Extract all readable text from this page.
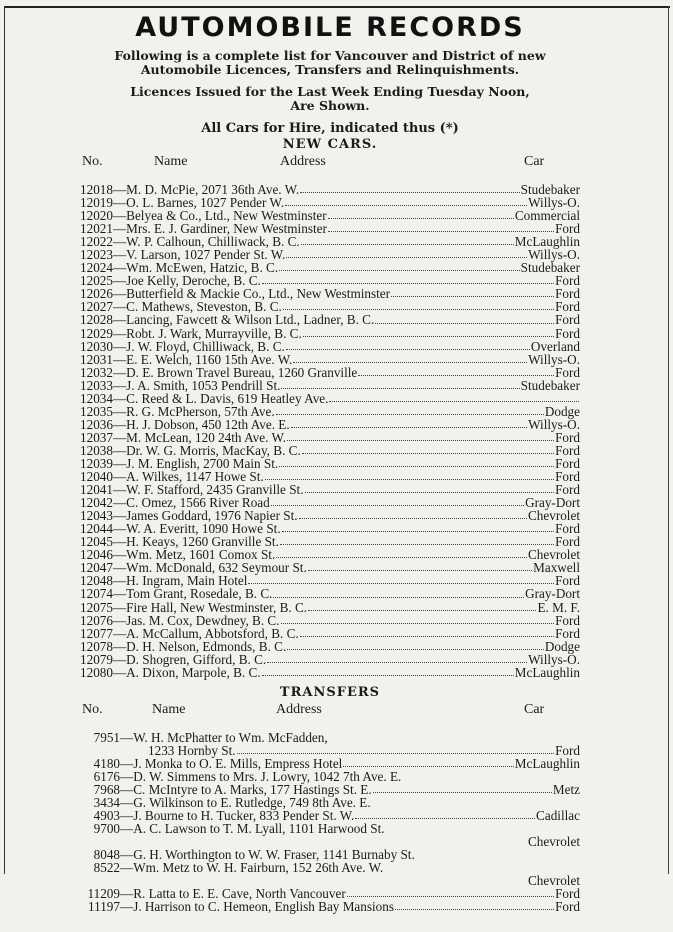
AUTOMOBILE RECORDS

Following is a complete list for Vancouver and District of new

Automobile Licences, Transfers and Relinquishments.

Licences Issued for the Last Week Ending Tuesday Noon,

Are Shown.

All Cars for Hire, indicated thus (*)
NEW CARS.
No.	Name	Address	Car
12018—M. D. McPie, 2071 36th Ave. W.	Studebaker
12019—O. L. Barnes, 1027 Pender W.	Willys-O.
12020—Belyea & Co., Ltd., New Westminster	Commercial
12021—Mrs. E. J. Gardiner, New Westminster	Ford
12022—W. P. Calhoun, Chilliwack, B. C.	McLaughlin
12023—V. Larson, 1027 Pender St. W.	Willys-O.
12024—Wm. McEwen, Hatzic, B. C.	Studebaker
12025—Joe Kelly, Deroche, B. C.	Ford
12026—Butterfield & Mackie Co., Ltd., New Westminster	Ford
12027—C. Mathews, Steveston, B. C.	Ford
12028—Lancing, Fawcett & Wilson Ltd., Ladner, B. C.	Ford
12029—Robt. J. Wark, Murrayville, B. C.	Ford
12030—J. W. Floyd, Chilliwack, B. C.	Overland
12031—E. E. Welch, 1160 15th Ave. W.	Willys-O.
12032—D. E. Brown Travel Bureau, 1260 Granville	Ford
12033—J. A. Smith, 1053 Pendrill St.	Studebaker
12034—C. Reed & L. Davis, 619 Heatley Ave.
12035—R. G. McPherson, 57th Ave.	Dodge
12036—H. J. Dobson, 450 12th Ave. E.	Willys-O.
12037—M. McLean, 120 24th Ave. W.	Ford
12038—Dr. W. G. Morris, MacKay, B. C.	Ford
12039—J. M. English, 2700 Main St.	Ford
12040—A. Wilkes, 1147 Howe St.	Ford
12041—W. F. Stafford, 2435 Granville St.	Ford
12042—C. Omez, 1566 River Road	Gray-Dort
12043—James Goddard, 1976 Napier St.	Chevrolet
12044—W. A. Everitt, 1090 Howe St.	Ford
12045—H. Keays, 1260 Granville St.	Ford
12046—Wm. Metz, 1601 Comox St.	Chevrolet
12047—Wm. McDonald, 632 Seymour St.	Maxwell
12048—H. Ingram, Main Hotel	Ford
12074—Tom Grant, Rosedale, B. C.	Gray-Dort
12075—Fire Hall, New Westminster, B. C.	E. M. F.
12076—Jas. M. Cox, Dewdney, B. C.	Ford
12077—A. McCallum, Abbotsford, B. C.	Ford
12078—D. H. Nelson, Edmonds, B. C.	Dodge
12079—D. Shogren, Gifford, B. C.	Willys-O.
12080—A. Dixon, Marpole, B. C.	McLaughlin
TRANSFERS
No.	Name	Address	Car
7951 —W. H. McPhatter to Wm. McFadden,
1233 Hornby St.	Ford
4180 —J. Monka to O. E. Mills, Empress Hotel	McLaughlin
6176 —D. W. Simmens to Mrs. J. Lowry, 1042 7th Ave. E.
7968 —C. McIntyre to A. Marks, 177 Hastings St. E.	Metz
3434 —G. Wilkinson to E. Rutledge, 749 8th Ave. E.
4903 —J. Bourne to H. Tucker, 833 Pender St. W.	Cadillac
9700 —A. C. Lawson to T. M. Lyall, 1101 Harwood St.
Chevrolet
8048 —G. H. Worthington to W. W. Fraser, 1141 Burnaby St.
8522 —Wm. Metz to W. H. Fairburn, 152 26th Ave. W.
Chevrolet
11209 —R. Latta to E. E. Cave, North Vancouver	Ford
11197 —J. Harrison to C. Hemeon, English Bay Mansions	Ford
